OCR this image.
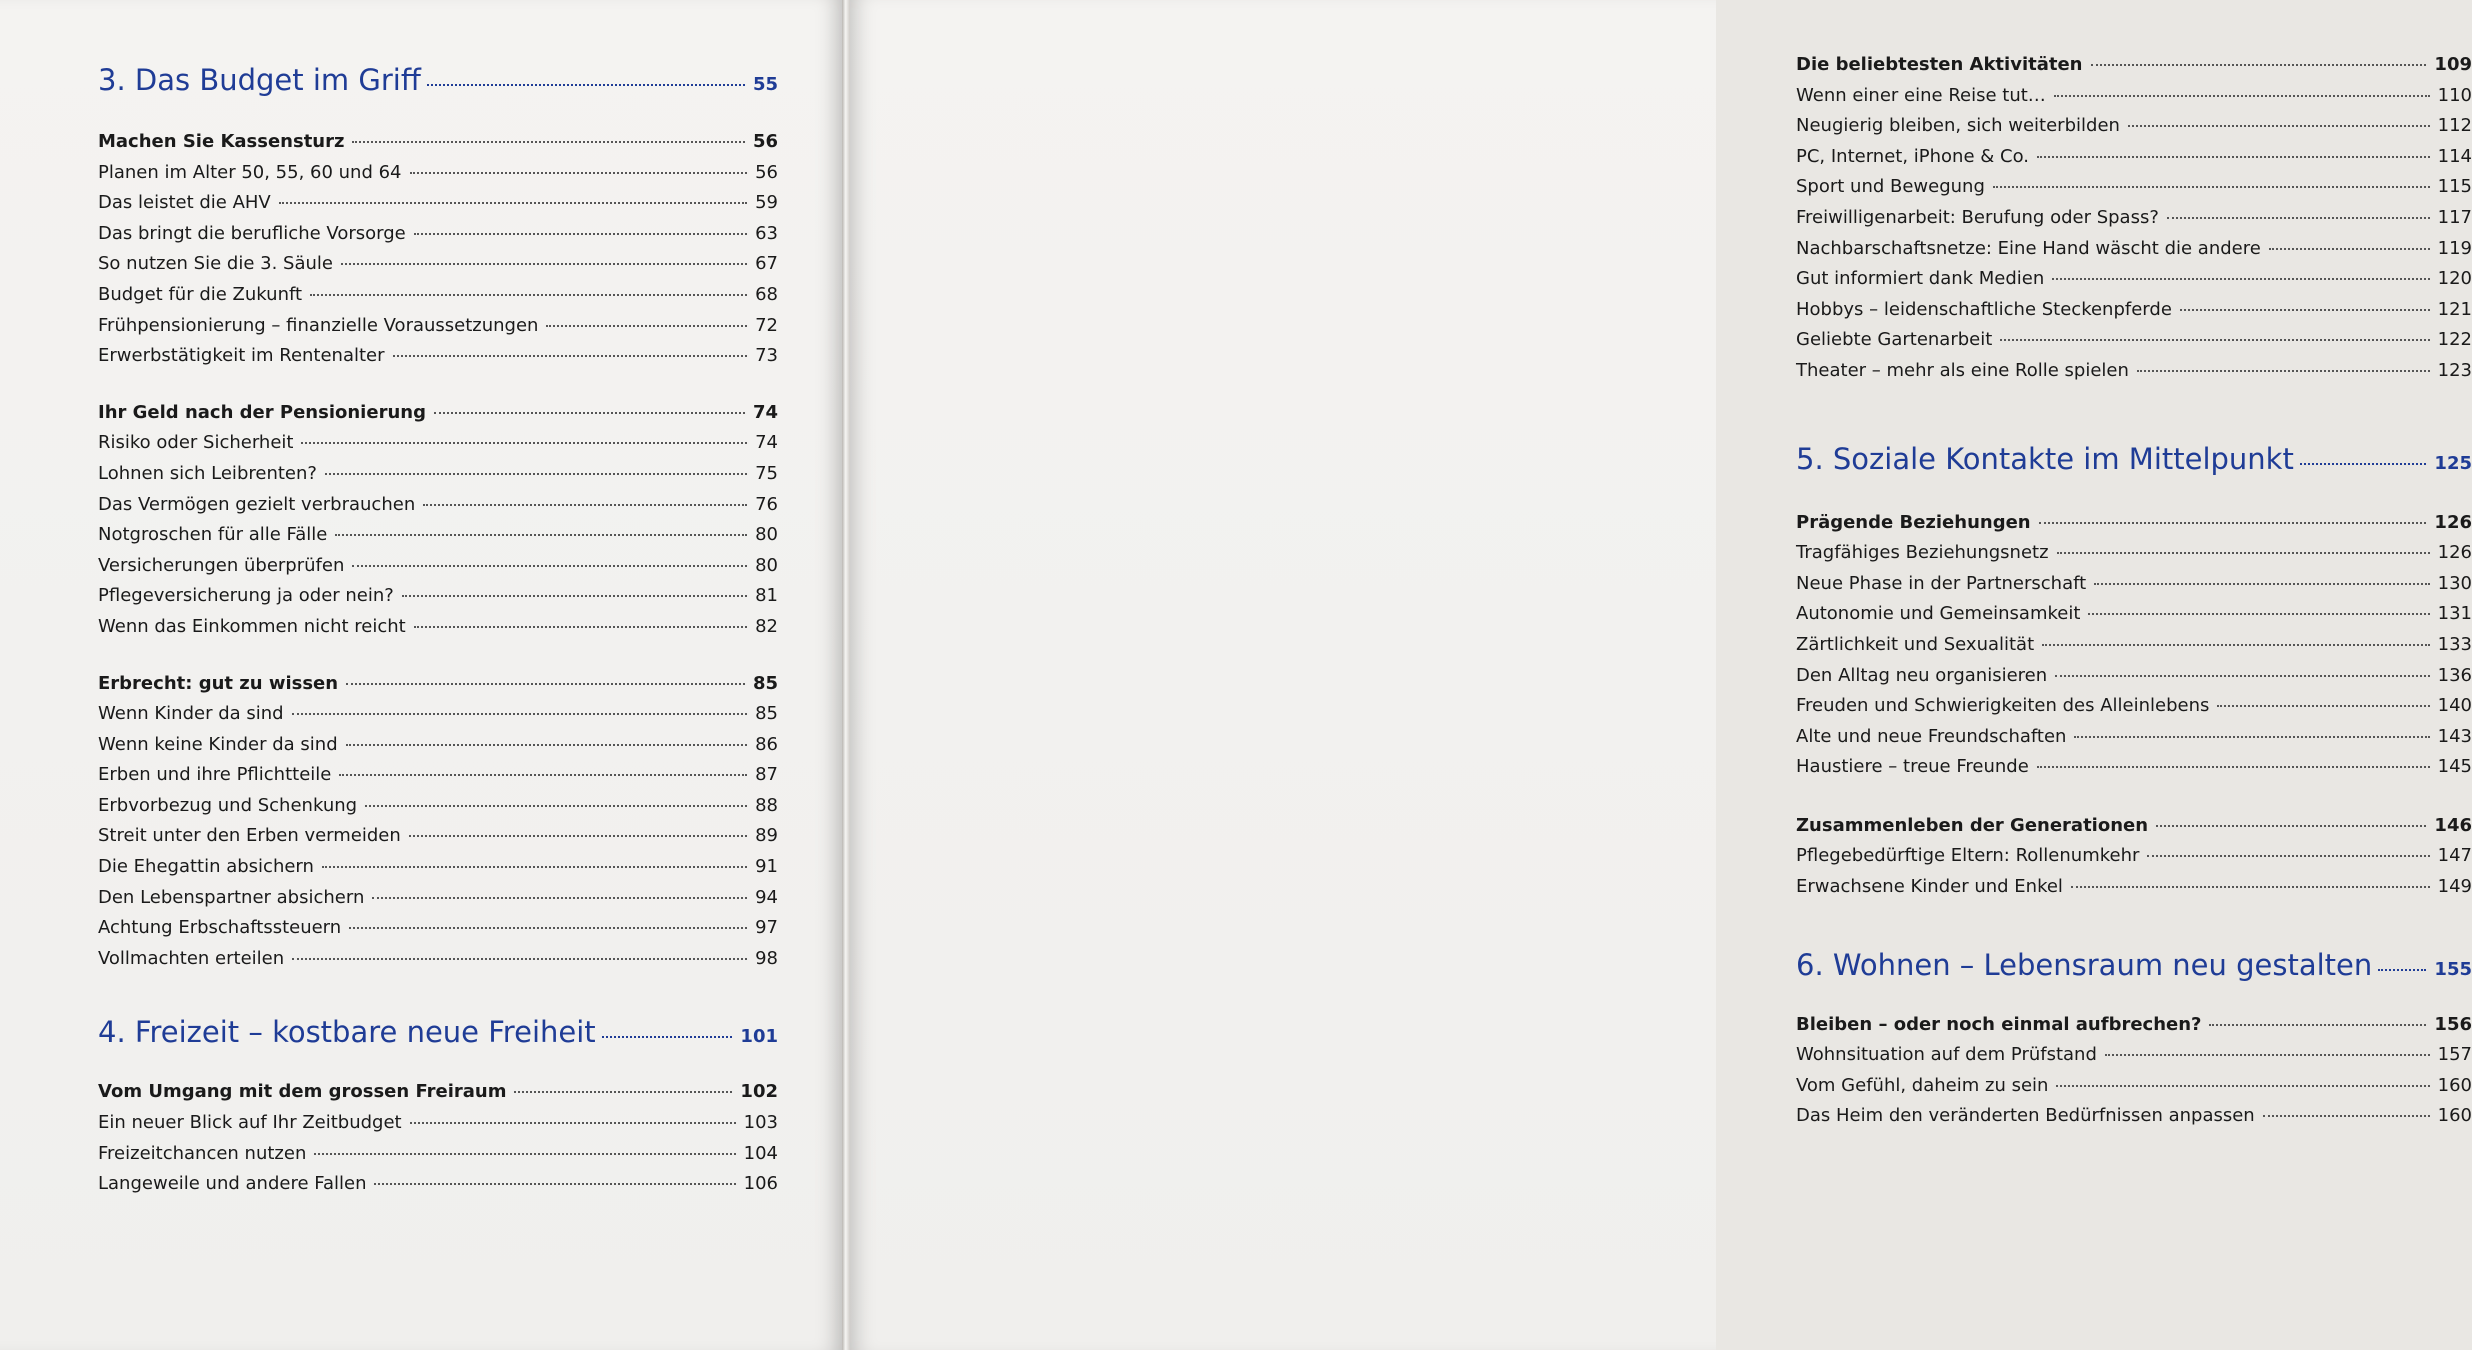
3. Das Budget im Griff	55
Machen Sie Kassensturz	56
Planen im Alter 50, 55, 60 und 64	56
Das leistet die AHV	59
Das bringt die berufliche Vorsorge	63
So nutzen Sie die 3. Säule	67
Budget für die Zukunft	68
Frühpensionierung – finanzielle Voraussetzungen	72
Erwerbstätigkeit im Rentenalter	73
Ihr Geld nach der Pensionierung	74
Risiko oder Sicherheit	74
Lohnen sich Leibrenten?	75
Das Vermögen gezielt verbrauchen	76
Notgroschen für alle Fälle	80
Versicherungen überprüfen	80
Pflegeversicherung ja oder nein?	81
Wenn das Einkommen nicht reicht	82
Erbrecht: gut zu wissen	85
Wenn Kinder da sind	85
Wenn keine Kinder da sind	86
Erben und ihre Pflichtteile	87
Erbvorbezug und Schenkung	88
Streit unter den Erben vermeiden	89
Die Ehegattin absichern	91
Den Lebenspartner absichern	94
Achtung Erbschaftssteuern	97
Vollmachten erteilen	98
4. Freizeit – kostbare neue Freiheit	101
Vom Umgang mit dem grossen Freiraum	102
Ein neuer Blick auf Ihr Zeitbudget	103
Freizeitchancen nutzen	104
Langeweile und andere Fallen	106
Die beliebtesten Aktivitäten	109
Wenn einer eine Reise tut…	110
Neugierig bleiben, sich weiterbilden	112
PC, Internet, iPhone & Co.	114
Sport und Bewegung	115
Freiwilligenarbeit: Berufung oder Spass?	117
Nachbarschaftsnetze: Eine Hand wäscht die andere	119
Gut informiert dank Medien	120
Hobbys – leidenschaftliche Steckenpferde	121
Geliebte Gartenarbeit	122
Theater – mehr als eine Rolle spielen	123
5. Soziale Kontakte im Mittelpunkt	125
Prägende Beziehungen	126
Tragfähiges Beziehungsnetz	126
Neue Phase in der Partnerschaft	130
Autonomie und Gemeinsamkeit	131
Zärtlichkeit und Sexualität	133
Den Alltag neu organisieren	136
Freuden und Schwierigkeiten des Alleinlebens	140
Alte und neue Freundschaften	143
Haustiere – treue Freunde	145
Zusammenleben der Generationen	146
Pflegebedürftige Eltern: Rollenumkehr	147
Erwachsene Kinder und Enkel	149
6. Wohnen – Lebensraum neu gestalten	155
Bleiben – oder noch einmal aufbrechen?	156
Wohnsituation auf dem Prüfstand	157
Vom Gefühl, daheim zu sein	160
Das Heim den veränderten Bedürfnissen anpassen	160
